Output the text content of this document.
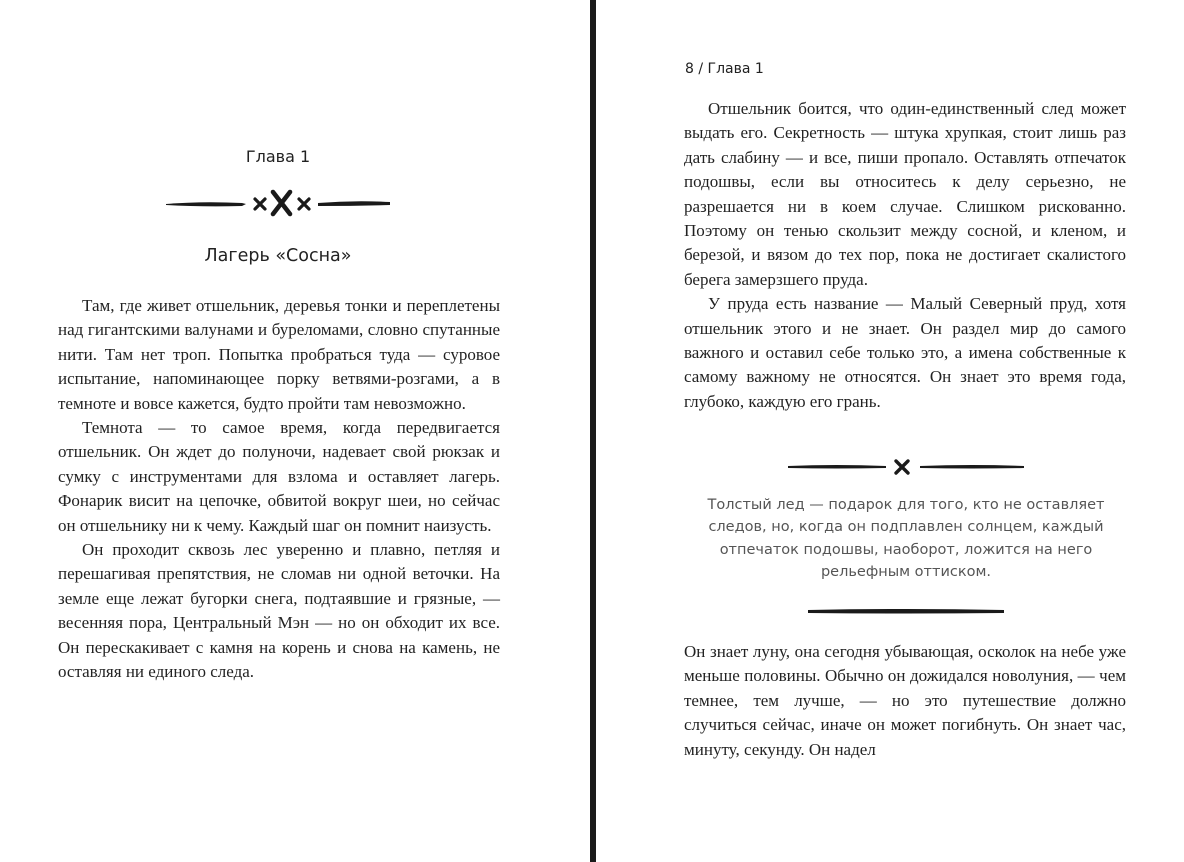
Глава 1
Лагерь «Сосна»

Там, где живет отшельник, деревья тонки и переплетены над гигантскими валунами и буреломами, словно спутанные нити. Там нет троп. Попытка пробраться туда — суровое испытание, напоминающее порку ветвями-розгами, а в темноте и вовсе кажется, будто пройти там невозможно.

Темнота — то самое время, когда передвигается отшельник. Он ждет до полуночи, надевает свой рюкзак и сумку с инструментами для взлома и оставляет лагерь. Фонарик висит на цепочке, обвитой вокруг шеи, но сейчас он отшельнику ни к чему. Каждый шаг он помнит наизусть.

Он проходит сквозь лес уверенно и плавно, петляя и перешагивая препятствия, не сломав ни одной веточки. На земле еще лежат бугорки снега, подтаявшие и грязные, — весенняя пора, Центральный Мэн — но он обходит их все. Он перескакивает с камня на корень и снова на камень, не оставляя ни единого следа.

8 / Глава 1

Отшельник боится, что один-единственный след может выдать его. Секретность — штука хрупкая, стоит лишь раз дать слабину — и все, пиши пропало. Оставлять отпечаток подошвы, если вы относитесь к делу серьезно, не разрешается ни в коем случае. Слишком рискованно. Поэтому он тенью скользит между сосной, и кленом, и березой, и вязом до тех пор, пока не достигает скалистого берега замерзшего пруда.

У пруда есть название — Малый Северный пруд, хотя отшельник этого и не знает. Он раздел мир до самого важного и оставил себе только это, а имена собственные к самому важному не относятся. Он знает это время года, глубоко, каждую его грань.

Толстый лед — подарок для того, кто не оставляет следов, но, когда он подплавлен солнцем, каждый отпечаток подошвы, наоборот, ложится на него рельефным оттиском.

Он знает луну, она сегодня убывающая, осколок на небе уже меньше половины. Обычно он дожидался новолуния, — чем темнее, тем лучше, — но это путешествие должно случиться сейчас, иначе он может погибнуть. Он знает час, минуту, секунду. Он надел
